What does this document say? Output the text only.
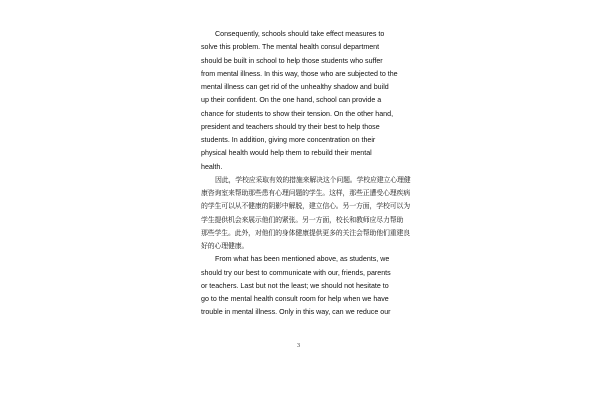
Consequently, schools should take effect measures to
solve this problem. The mental health consul department
should be built in school to help those students who suffer
from mental illness. In this way, those who are subjected to the
mental illness can get rid of the unhealthy shadow and build
up their confident. On the one hand, school can provide a
chance for students to show their tension. On the other hand,
president and teachers should try their best to help those
students. In addition, giving more concentration on their
physical health would help them to rebuild their mental
health.

因此，学校应采取有效的措施来解决这个问题。学校应建立心理健
康咨询室来帮助那些患有心理问题的学生。这样，那些正遭受心理疾病
的学生可以从不健康的阴影中解脱，建立信心。另一方面，学校可以为
学生提供机会来展示他们的紧张。另一方面，校长和教师应尽力帮助
那些学生。此外，对他们的身体健康提供更多的关注会帮助他们重建良
好的心理健康。

From what has been mentioned above, as students, we
should try our best to communicate with our, friends, parents
or teachers. Last but not the least; we should not hesitate to
go to the mental health consult room for help when we have
trouble in mental illness. Only in this way, can we reduce our

3
